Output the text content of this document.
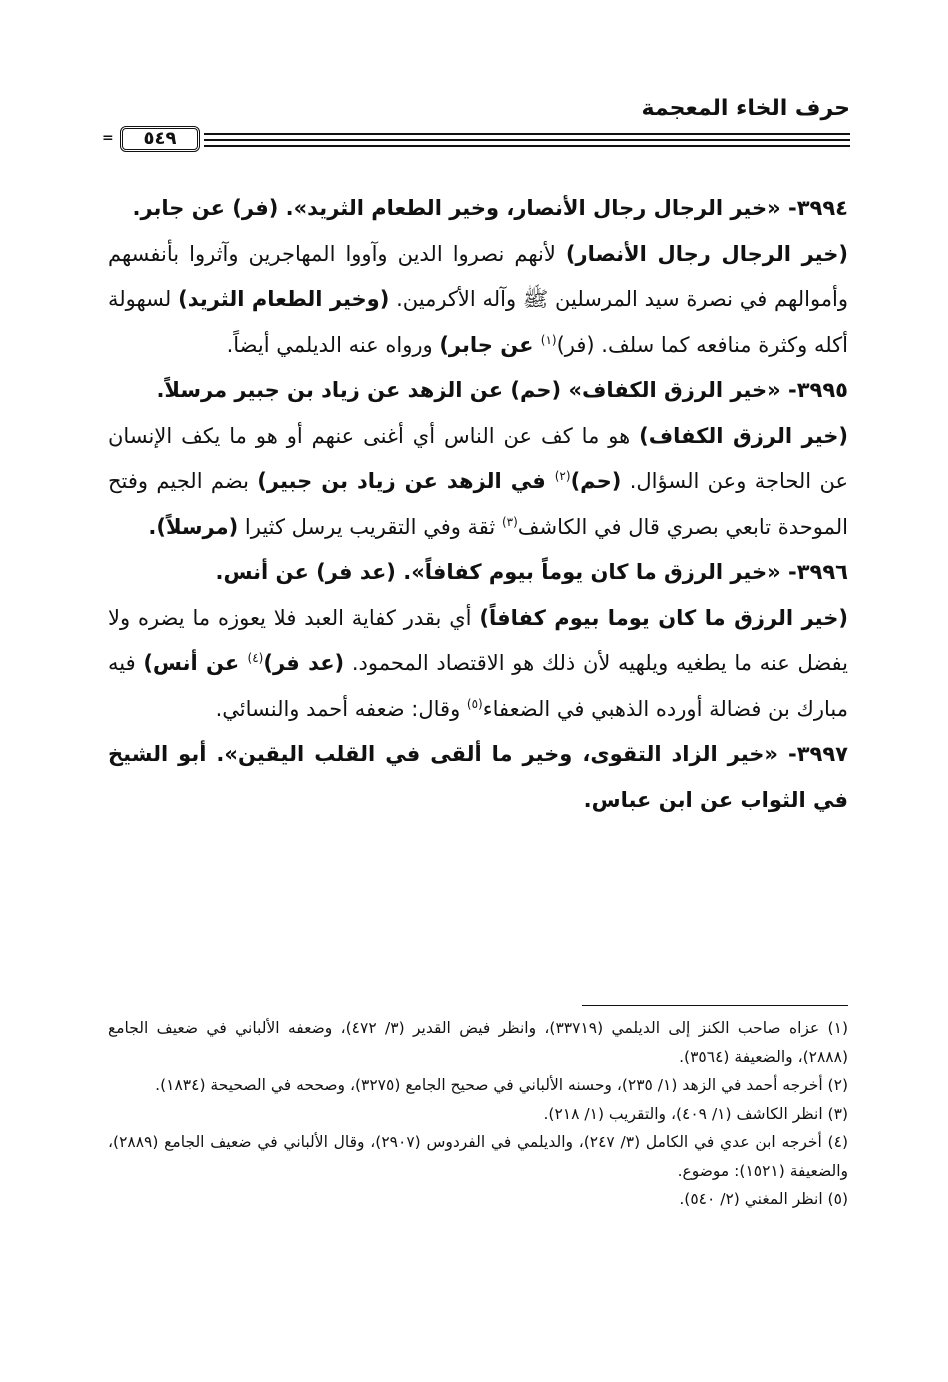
حرف الخاء المعجمة
٥٤٩
=

٣٩٩٤- «خير الرجال رجال الأنصار، وخير الطعام الثريد». (فر) عن جابر.

(خير الرجال رجال الأنصار) لأنهم نصروا الدين وآووا المهاجرين وآثروا بأنفسهم وأموالهم في نصرة سيد المرسلين ﷺ وآله الأكرمين. (وخير الطعام الثريد) لسهولة أكله وكثرة منافعه كما سلف. (فر)$^{(١)}$ عن جابر) ورواه عنه الديلمي أيضاً.

٣٩٩٥- «خير الرزق الكفاف» (حم) عن الزهد عن زياد بن جبير مرسلاً.

(خير الرزق الكفاف) هو ما كف عن الناس أي أغنى عنهم أو هو ما يكف الإنسان عن الحاجة وعن السؤال. (حم)$^{(٢)}$ في الزهد عن زياد بن جبير) بضم الجيم وفتح الموحدة تابعي بصري قال في الكاشف$^{(٣)}$ ثقة وفي التقريب يرسل كثيرا (مرسلاً).

٣٩٩٦- «خير الرزق ما كان يوماً بيوم كفافاً». (عد فر) عن أنس.

(خير الرزق ما كان يوما بيوم كفافاً) أي بقدر كفاية العبد فلا يعوزه ما يضره ولا يفضل عنه ما يطغيه ويلهيه لأن ذلك هو الاقتصاد المحمود. (عد فر)$^{(٤)}$ عن أنس) فيه مبارك بن فضالة أورده الذهبي في الضعفاء$^{(٥)}$ وقال: ضعفه أحمد والنسائي.

٣٩٩٧- «خير الزاد التقوى، وخير ما ألقى في القلب اليقين». أبو الشيخ في الثواب عن ابن عباس.

(١) عزاه صاحب الكنز إلى الديلمي (٣٣٧١٩)، وانظر فيض القدير (٣/ ٤٧٢)، وضعفه الألباني في ضعيف الجامع (٢٨٨٨)، والضعيفة (٣٥٦٤).

(٢) أخرجه أحمد في الزهد (١/ ٢٣٥)، وحسنه الألباني في صحيح الجامع (٣٢٧٥)، وصححه في الصحيحة (١٨٣٤).

(٣) انظر الكاشف (١/ ٤٠٩)، والتقريب (١/ ٢١٨).

(٤) أخرجه ابن عدي في الكامل (٣/ ٢٤٧)، والديلمي في الفردوس (٢٩٠٧)، وقال الألباني في ضعيف الجامع (٢٨٨٩)، والضعيفة (١٥٢١): موضوع.

(٥) انظر المغني (٢/ ٥٤٠).
